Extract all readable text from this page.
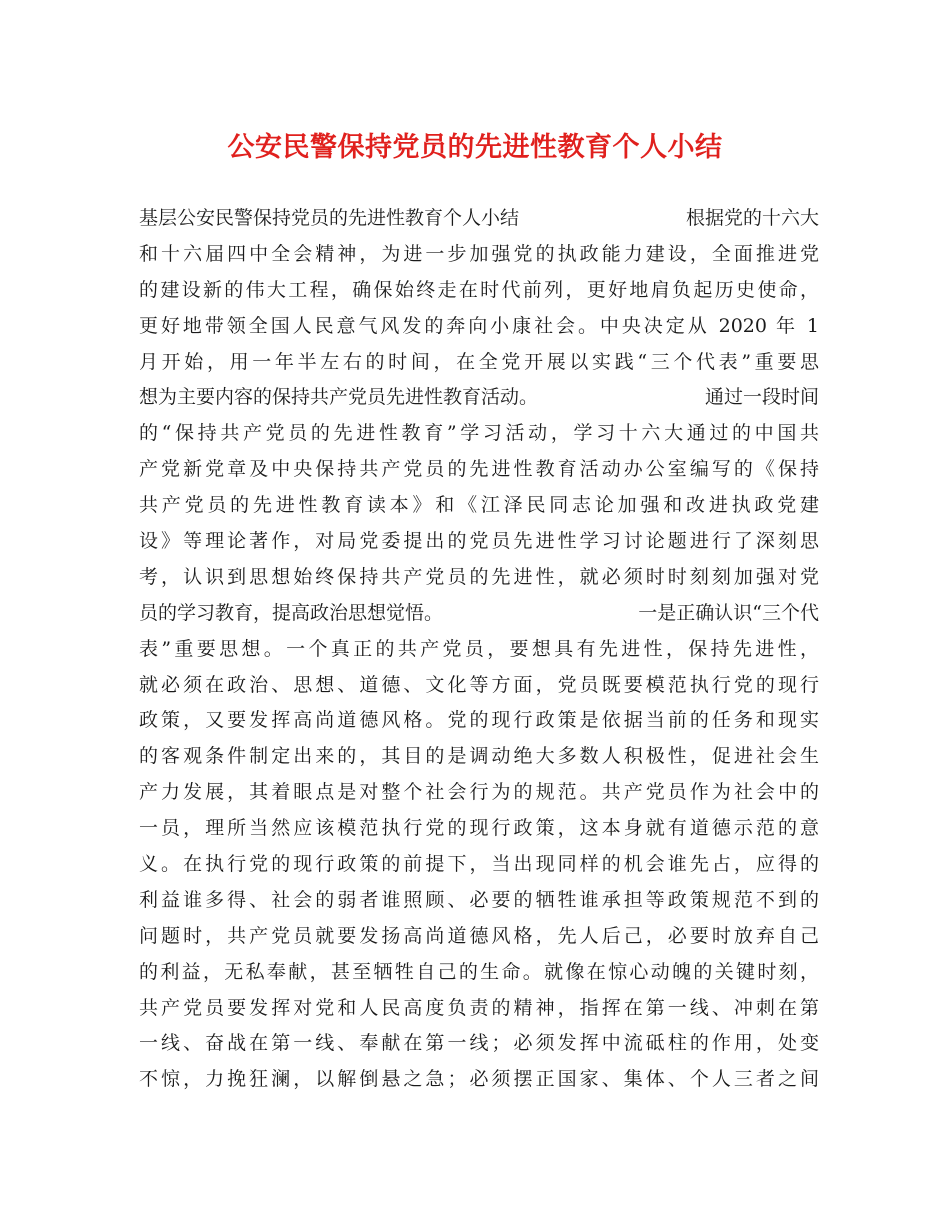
公安民警保持党员的先进性教育个人小结
基层公安民警保持党员的先进性教育个人小结	根据党的十六大
和十六届四中全会精神，为进一步加强党的执政能力建设，全面推进党
的建设新的伟大工程，确保始终走在时代前列，更好地肩负起历史使命，
更好地带领全国人民意气风发的奔向小康社会。中央决定从 2020 年 1
月开始，用一年半左右的时间，在全党开展以实践“三个代表”重要思
想为主要内容的保持共产党员先进性教育活动。	通过一段时间
的“保持共产党员的先进性教育”学习活动，学习十六大通过的中国共
产党新党章及中央保持共产党员的先进性教育活动办公室编写的《保持
共产党员的先进性教育读本》和《江泽民同志论加强和改进执政党建
设》等理论著作，对局党委提出的党员先进性学习讨论题进行了深刻思
考，认识到思想始终保持共产党员的先进性，就必须时时刻刻加强对党
员的学习教育，提高政治思想觉悟。	一是正确认识“三个代
表”重要思想。一个真正的共产党员，要想具有先进性，保持先进性，
就必须在政治、思想、道德、文化等方面，党员既要模范执行党的现行
政策，又要发挥高尚道德风格。党的现行政策是依据当前的任务和现实
的客观条件制定出来的，其目的是调动绝大多数人积极性，促进社会生
产力发展，其着眼点是对整个社会行为的规范。共产党员作为社会中的
一员，理所当然应该模范执行党的现行政策，这本身就有道德示范的意
义。在执行党的现行政策的前提下，当出现同样的机会谁先占，应得的
利益谁多得、社会的弱者谁照顾、必要的牺牲谁承担等政策规范不到的
问题时，共产党员就要发扬高尚道德风格，先人后己，必要时放弃自己
的利益，无私奉献，甚至牺牲自己的生命。就像在惊心动魄的关键时刻，
共产党员要发挥对党和人民高度负责的精神，指挥在第一线、冲刺在第
一线、奋战在第一线、奉献在第一线；必须发挥中流砥柱的作用，处变
不惊，力挽狂澜，以解倒悬之急；必须摆正国家、集体、个人三者之间
